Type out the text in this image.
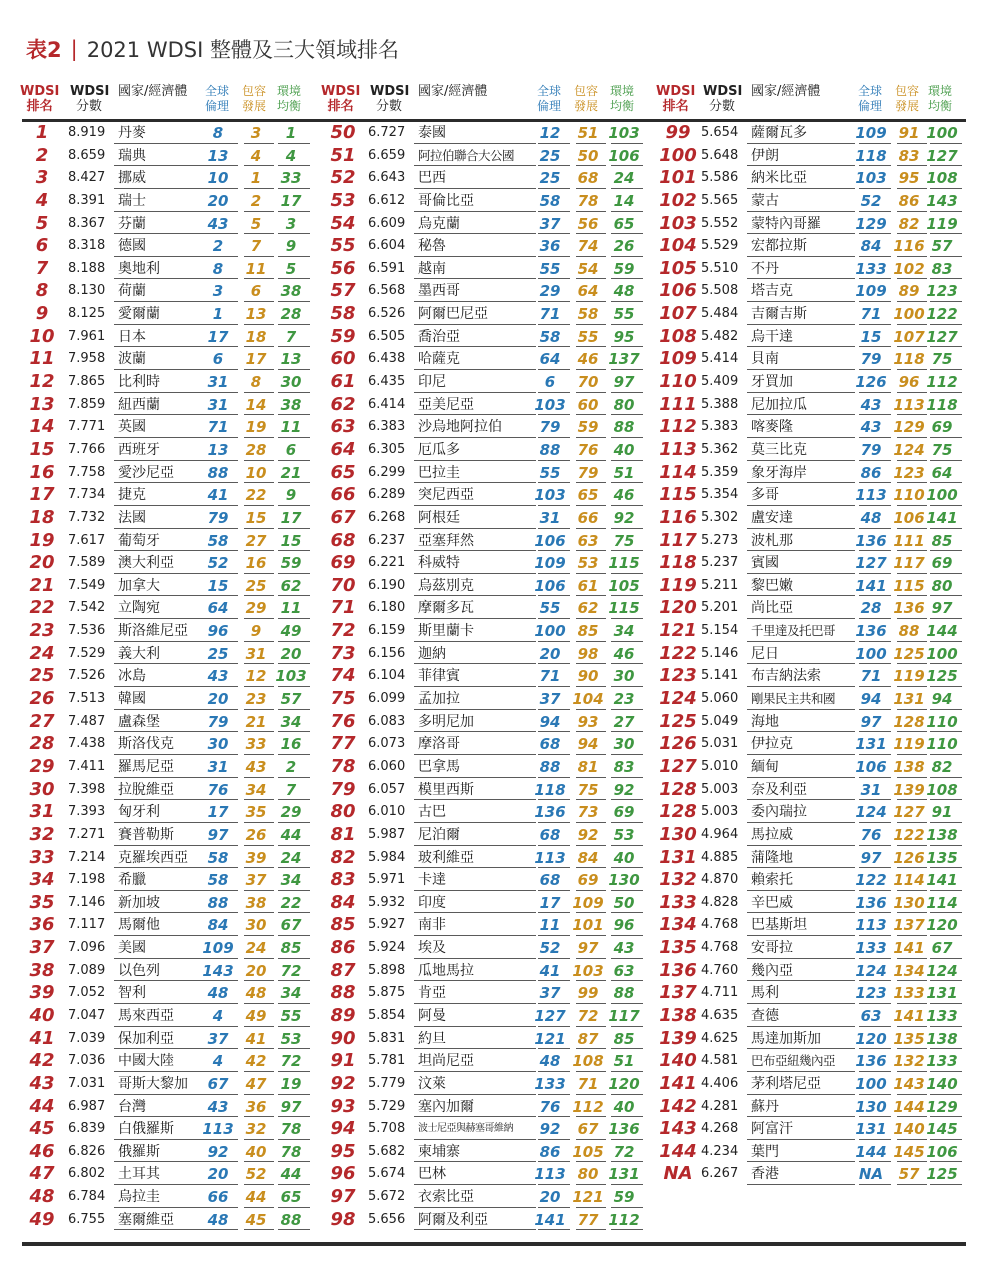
表2 | 2021 WDSI 整體及三大領域排名
WDSI
排名
WDSI
分數
全球
倫理
包容
發展
環境
均衡
國家/經濟體
1	8.919 丹麥	8	3	1
2	8.659 瑞典	13	4	4
3	8.427 挪威	10	1	33
4	8.391 瑞士	20	2	17
5	8.367 芬蘭	43	5	3
6	8.318 德國	2	7	9
7	8.188 奧地利	8	11	5
8	8.130 荷蘭	3	6	38
9	8.125 愛爾蘭	1	13 28
10	7.961 日本	17	18	7
11	7.958 波蘭	6	17 13
12	7.865 比利時	31	8	30
13	7.859 紐西蘭	31	14 38
14	7.771 英國	71	19 11
15	7.766 西班牙	13	28	6
16	7.758 愛沙尼亞	88	10 21
17	7.734 捷克	41	22	9
18	7.732 法國	79	15 17
19	7.617 葡萄牙	58	27 15
20	7.589 澳大利亞	52	16 59
21	7.549 加拿大	15	25 62
22	7.542 立陶宛	64	29 11
23	7.536 斯洛維尼亞	96	9	49
24	7.529 義大利	25	31 20
25	7.526 冰島	43	12 103
26	7.513 韓國	20	23 57
27	7.487 盧森堡	79	21 34
28	7.438 斯洛伐克	30	33 16
29	7.411 羅馬尼亞	31	43	2
30	7.398 拉脫維亞	76	34	7
31	7.393 匈牙利	17	35 29
32	7.271 賽普勒斯	97	26 44
33	7.214 克羅埃西亞	58	39 24
34	7.198 希臘	58	37 34
35	7.146 新加坡	88	38 22
36	7.117 馬爾他	84	30 67
37	7.096 美國	109 24 85
38	7.089 以色列	143 20 72
39	7.052 智利	48	48 34
40	7.047 馬來西亞	4	49 55
41	7.039 保加利亞	37	41 53
42	7.036 中國大陸	4	42 72
43	7.031 哥斯大黎加	67	47 19
44	6.987 台灣	43	36 97
45	6.839 白俄羅斯	113 32 78
46	6.826 俄羅斯	92	40 78
47	6.802 土耳其	20	52 44
48	6.784 烏拉圭	66	44 65
49	6.755 塞爾維亞	48	45 88
WDSI
排名
WDSI
分數
全球
倫理
包容
發展
環境
均衡
國家/經濟體
50 6.727 泰國	12	51 103
51 6.659 阿拉伯聯合大公國	25	50 106
52 6.643 巴西	25	68	24
53 6.612 哥倫比亞	58	78	14
54 6.609 烏克蘭	37	56	65
55 6.604 秘魯	36	74	26
56 6.591 越南	55	54	59
57 6.568 墨西哥	29	64	48
58 6.526 阿爾巴尼亞	71	58	55
59 6.505 喬治亞	58	55	95
60 6.438 哈薩克	64	46 137
61 6.435 印尼	6	70	97
62 6.414 亞美尼亞	103 60	80
63 6.383 沙烏地阿拉伯	79	59	88
64 6.305 厄瓜多	88	76	40
65 6.299 巴拉圭	55	79	51
66 6.289 突尼西亞	103 65	46
67 6.268 阿根廷	31	66	92
68 6.237 亞塞拜然	106 63	75
69 6.221 科威特	109 53 115
70 6.190 烏茲別克	106 61 105
71 6.180 摩爾多瓦	55	62 115
72 6.159 斯里蘭卡	100 85	34
73 6.156 迦納	20	98	46
74 6.104 菲律賓	71	90	30
75 6.099 孟加拉	37 104 23
76 6.083 多明尼加	94	93	27
77 6.073 摩洛哥	68	94	30
78 6.060 巴拿馬	88	81	83
79 6.057 模里西斯	118 75	92
80 6.010 古巴	136 73	69
81 5.987 尼泊爾	68	92	53
82 5.984 玻利維亞	113 84	40
83 5.971 卡達	68	69 130
84 5.932 印度	17 109 50
85 5.927 南非	11 101 96
86 5.924 埃及	52	97	43
87 5.898 瓜地馬拉	41 103 63
88 5.875 肯亞	37	99	88
89 5.854 阿曼	127 72 117
90 5.831 約旦	121 87	85
91 5.781 坦尚尼亞	48 108 51
92 5.779 汶萊	133 71 120
93 5.729 塞內加爾	76 112 40
94 5.708 波士尼亞與赫塞哥維納	92	67 136
95 5.682 柬埔寨	86 105 72
96 5.674 巴林	113 80 131
97 5.672 衣索比亞	20 121 59
98 5.656 阿爾及利亞	141 77 112
WDSI
排名
WDSI
分數
全球
倫理
包容
發展
環境
均衡
國家/經濟體
99 5.654 薩爾瓦多	109 91 100
100 5.648 伊朗	118 83 127
101 5.586 納米比亞	103 95 108
102 5.565 蒙古	52	86 143
103 5.552 蒙特內哥羅	129 82 119
104 5.529 宏都拉斯	84 116 57
105 5.510 不丹	133 102 83
106 5.508 塔吉克	109 89 123
107 5.484 吉爾吉斯	71 100 122
108 5.482 烏干達	15 107 127
109 5.414 貝南	79 118 75
110 5.409 牙買加	126 96 112
111 5.388 尼加拉瓜	43 113 118
112 5.383 喀麥隆	43 129 69
113 5.362 莫三比克	79 124 75
114 5.359 象牙海岸	86 123 64
115 5.354 多哥	113 110 100
116 5.302 盧安達	48 106 141
117 5.273 波札那	136 111 85
118 5.237 賓國	127 117 69
119 5.211 黎巴嫩	141 115 80
120 5.201 尚比亞	28 136 97
121 5.154 千里達及托巴哥	136 88 144
122 5.146 尼日	100 125 100
123 5.141 布吉納法索	71 119 125
124 5.060 剛果民主共和國	94 131 94
125 5.049 海地	97 128 110
126 5.031 伊拉克	131 119 110
127 5.010 緬甸	106 138 82
128 5.003 奈及利亞	31 139 108
128 5.003 委內瑞拉	124 127 91
130 4.964 馬拉威	76 122 138
131 4.885 蒲隆地	97 126 135
132 4.870 賴索托	122 114 141
133 4.828 辛巴威	136 130 114
134 4.768 巴基斯坦	113 137 120
135 4.768 安哥拉	133 141 67
136 4.760 幾內亞	124 134 124
137 4.711 馬利	123 133 131
138 4.635 查德	63 141 133
139 4.625 馬達加斯加	120 135 138
140 4.581 巴布亞紐幾內亞	136 132 133
141 4.406 茅利塔尼亞	100 143 140
142 4.281 蘇丹	130 144 129
143 4.268 阿富汗	131 140 145
144 4.234 葉門	144 145 106
NA 6.267 香港	NA	57 125
